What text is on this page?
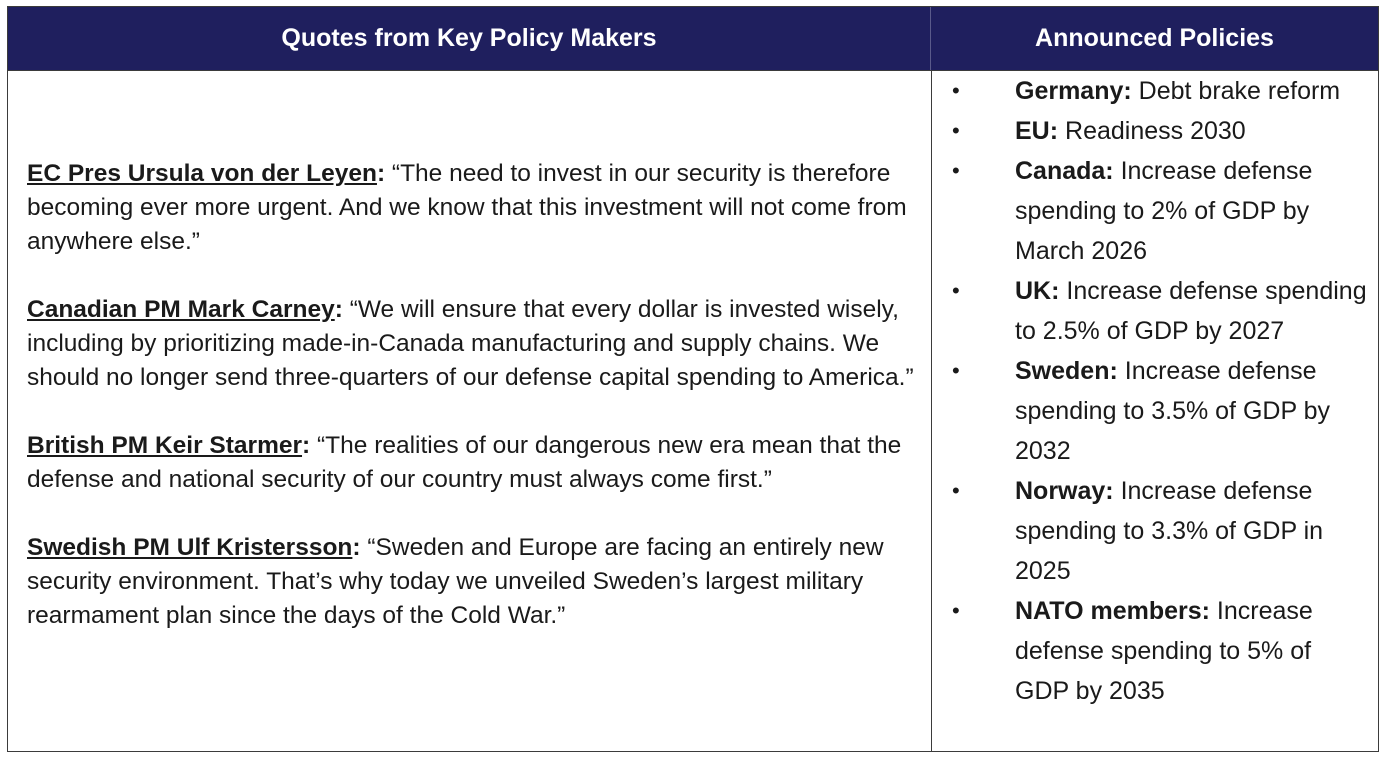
Quotes from Key Policy Makers	Announced Policies

EC Pres Ursula von der Leyen: “The need to invest in our security is therefore becoming ever more urgent. And we know that this investment will not come from anywhere else.”

Canadian PM Mark Carney: “We will ensure that every dollar is invested wisely, including by prioritizing made-in-Canada manufacturing and supply chains. We should no longer send three-quarters of our defense capital spending to America.”

British PM Keir Starmer: “The realities of our dangerous new era mean that the defense and national security of our country must always come first.”

Swedish PM Ulf Kristersson: “Sweden and Europe are facing an entirely new security environment. That’s why today we unveiled Sweden’s largest military rearmament plan since the days of the Cold War.”

• Germany: Debt brake reform
• EU: Readiness 2030
• Canada: Increase defense spending to 2% of GDP by March 2026
• UK: Increase defense spending to 2.5% of GDP by 2027
• Sweden: Increase defense spending to 3.5% of GDP by 2032
• Norway: Increase defense spending to 3.3% of GDP in 2025
• NATO members: Increase defense spending to 5% of GDP by 2035
